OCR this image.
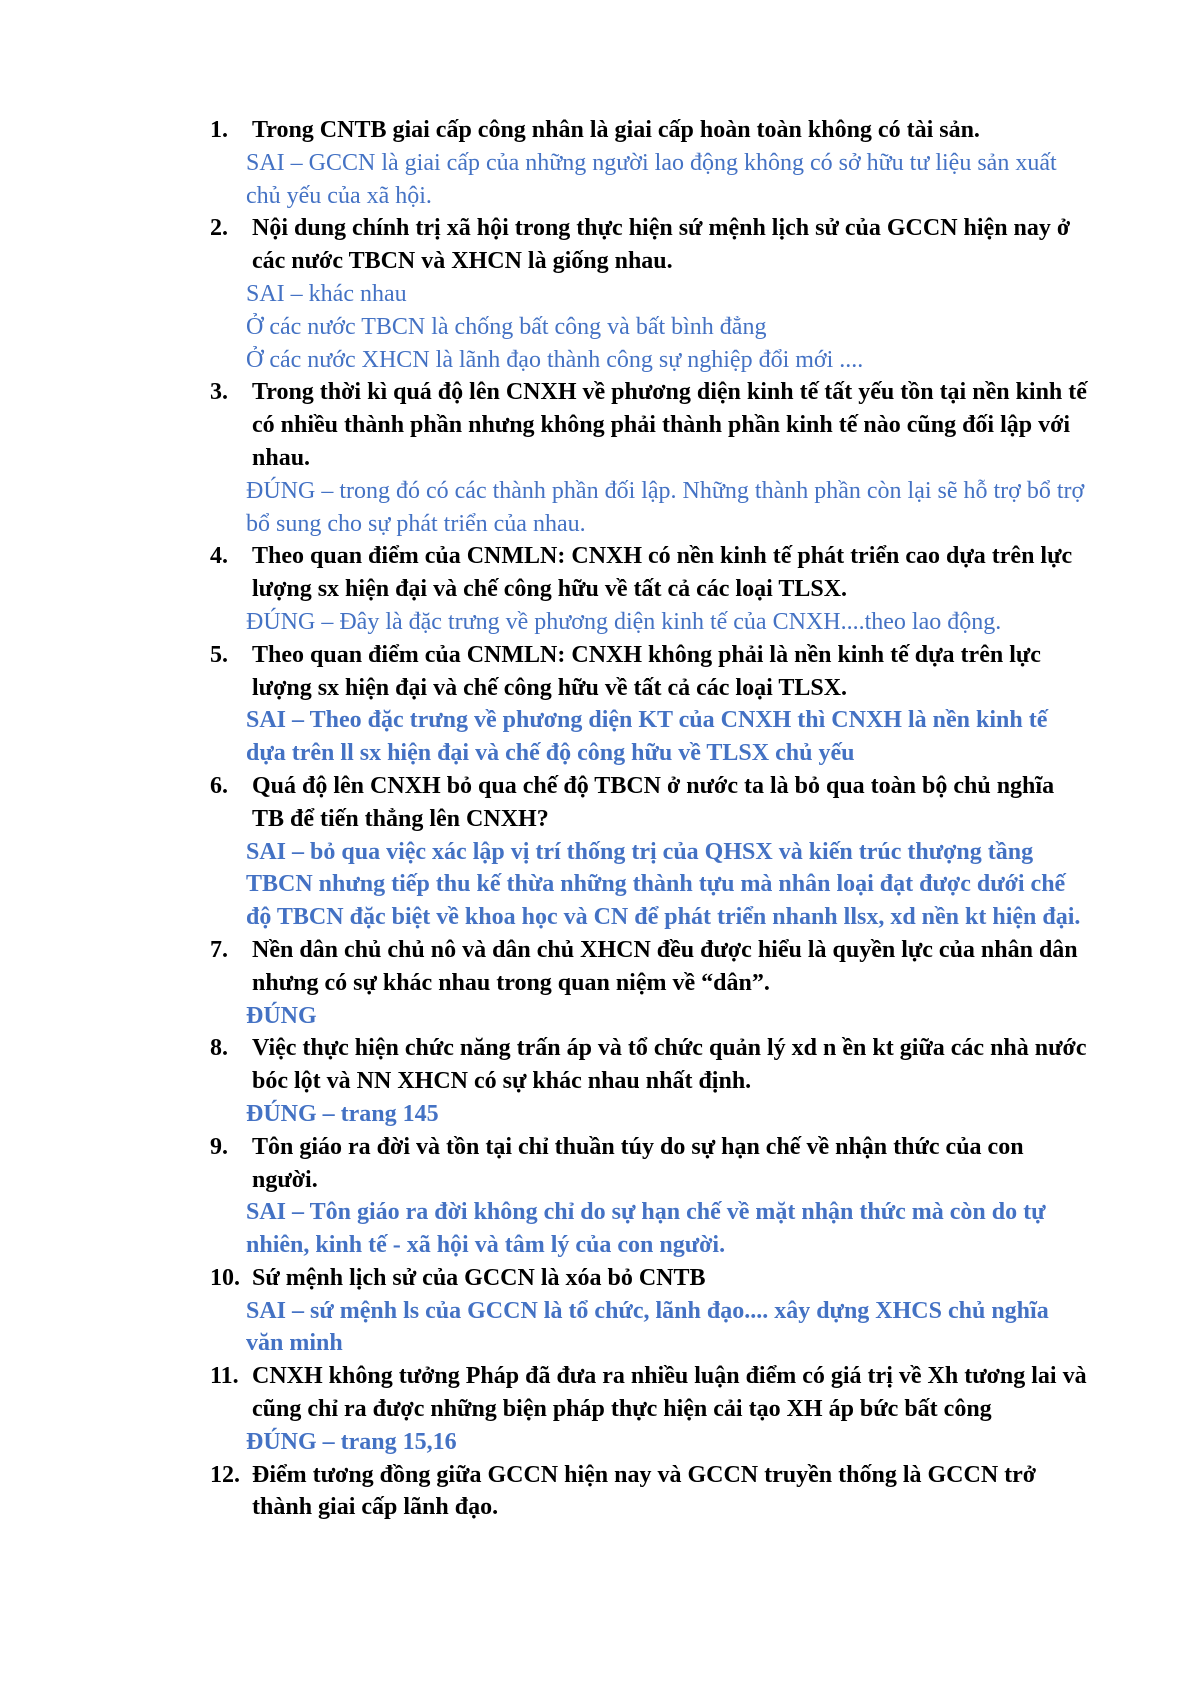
1. Trong CNTB giai cấp công nhân là giai cấp hoàn toàn không có tài sản.
SAI – GCCN là giai cấp của những người lao động không có sở hữu tư liệu sản xuất chủ yếu của xã hội.
2. Nội dung chính trị xã hội trong thực hiện sứ mệnh lịch sử của GCCN hiện nay ở các nước TBCN và XHCN là giống nhau.
SAI – khác nhau
Ở các nước TBCN là chống bất công và bất bình đẳng
Ở các nước XHCN là lãnh đạo thành công sự nghiệp đổi mới ....
3. Trong thời kì quá độ lên CNXH về phương diện kinh tế tất yếu tồn tại nền kinh tế có nhiều thành phần nhưng không phải thành phần kinh tế nào cũng đối lập với nhau.
ĐÚNG – trong đó có các thành phần đối lập. Những thành phần còn lại sẽ hỗ trợ bổ trợ bổ sung cho sự phát triển của nhau.
4. Theo quan điểm của CNMLN: CNXH có nền kinh tế phát triển cao dựa trên lực lượng sx hiện đại và chế công hữu về tất cả các loại TLSX.
ĐÚNG – Đây là đặc trưng về phương diện kinh tế của CNXH....theo lao động.
5. Theo quan điểm của CNMLN: CNXH không phải là nền kinh tế dựa trên lực lượng sx hiện đại và chế công hữu về tất cả các loại TLSX.
SAI – Theo đặc trưng về phương diện KT của CNXH thì CNXH là nền kinh tế dựa trên ll sx hiện đại và chế độ công hữu về TLSX chủ yếu
6. Quá độ lên CNXH bỏ qua chế độ TBCN ở nước ta là bỏ qua toàn bộ chủ nghĩa TB để tiến thẳng lên CNXH?
SAI – bỏ qua việc xác lập vị trí thống trị của QHSX và kiến trúc thượng tầng TBCN nhưng tiếp thu kế thừa những thành tựu mà nhân loại đạt được dưới chế độ TBCN đặc biệt về khoa học và CN để phát triển nhanh llsx, xd nền kt hiện đại.
7. Nền dân chủ chủ nô và dân chủ XHCN đều được hiểu là quyền lực của nhân dân nhưng có sự khác nhau trong quan niệm về “dân”.
ĐÚNG
8. Việc thực hiện chức năng trấn áp và tổ chức quản lý xd n ền kt giữa các nhà nước bóc lột và NN XHCN có sự khác nhau nhất định.
ĐÚNG – trang 145
9. Tôn giáo ra đời và tồn tại chỉ thuần túy do sự hạn chế về nhận thức của con người.
SAI – Tôn giáo ra đời không chỉ do sự hạn chế về mặt nhận thức mà còn do tự nhiên, kinh tế - xã hội và tâm lý của con người.
10. Sứ mệnh lịch sử của GCCN là xóa bỏ CNTB
SAI – sứ mệnh ls của GCCN là tổ chức, lãnh đạo.... xây dựng XHCS chủ nghĩa văn minh
11. CNXH không tưởng Pháp đã đưa ra nhiều luận điểm có giá trị về Xh tương lai và cũng chỉ ra được những biện pháp thực hiện cải tạo XH áp bức bất công
ĐÚNG – trang 15,16
12. Điểm tương đồng giữa GCCN hiện nay và GCCN truyền thống là GCCN trở thành giai cấp lãnh đạo.
